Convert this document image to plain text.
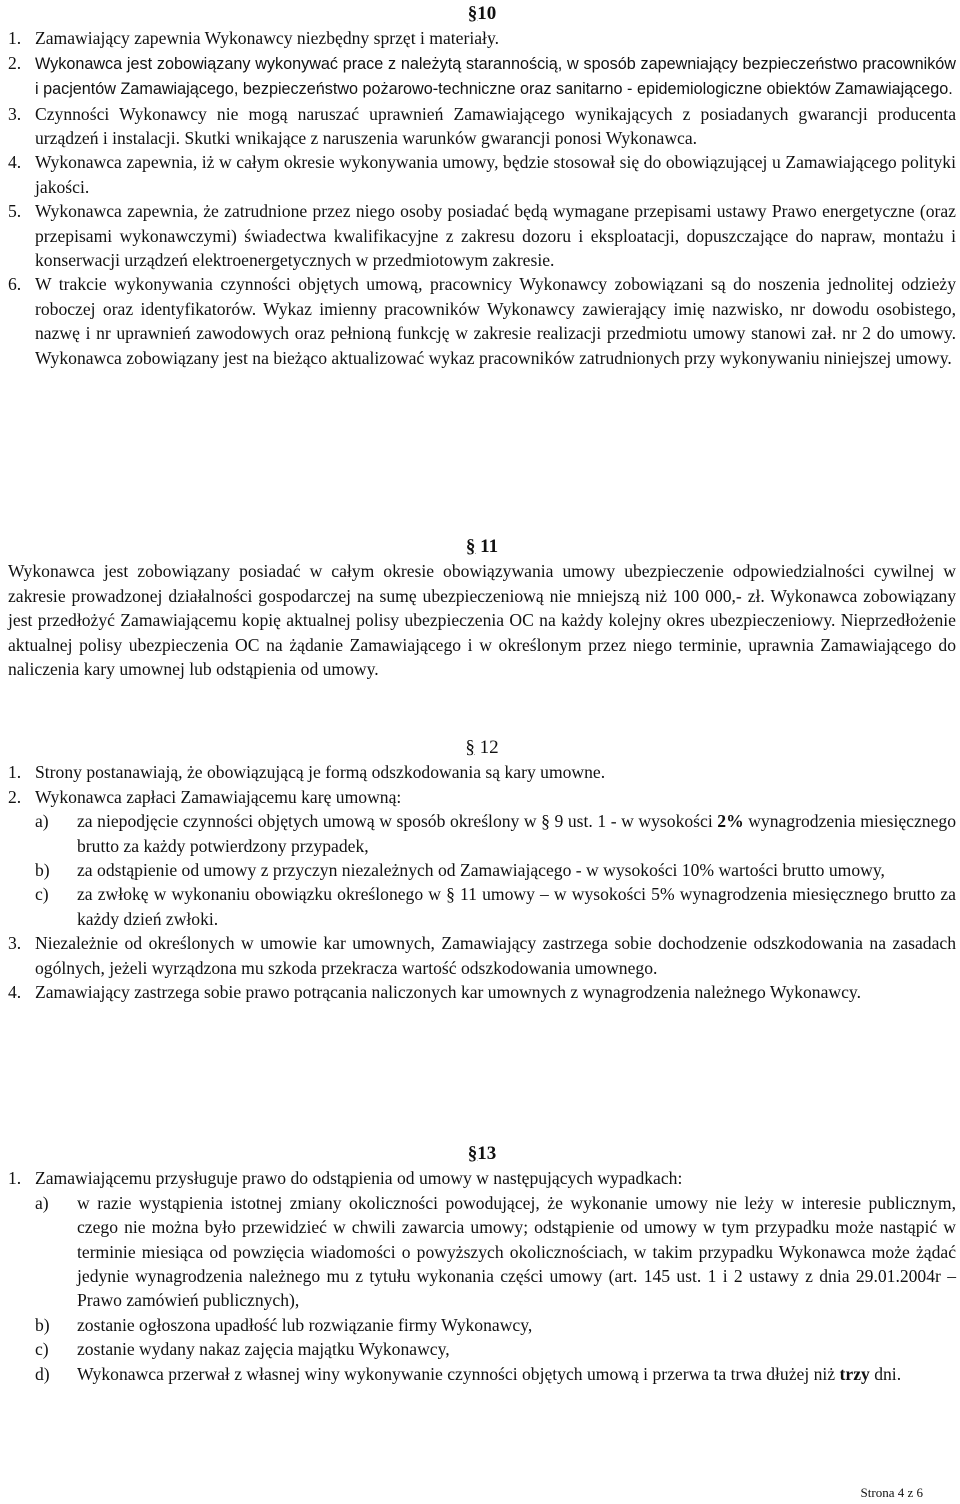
§10

1. Zamawiający zapewnia Wykonawcy niezbędny sprzęt i materiały.
2. Wykonawca jest zobowiązany wykonywać prace z należytą starannością, w sposób zapewniający bezpieczeństwo pracowników i pacjentów Zamawiającego, bezpieczeństwo pożarowo-techniczne oraz sanitarno - epidemiologiczne obiektów Zamawiającego.
3. Czynności Wykonawcy nie mogą naruszać uprawnień Zamawiającego wynikających z posiadanych gwarancji producenta urządzeń i instalacji. Skutki wnikające z naruszenia warunków gwarancji ponosi Wykonawca.
4. Wykonawca zapewnia, iż w całym okresie wykonywania umowy, będzie stosował się do obowiązującej u Zamawiającego polityki jakości.
5. Wykonawca zapewnia, że zatrudnione przez niego osoby posiadać będą wymagane przepisami ustawy Prawo energetyczne (oraz przepisami wykonawczymi) świadectwa kwalifikacyjne z zakresu dozoru i eksploatacji, dopuszczające do napraw, montażu i konserwacji urządzeń elektroenergetycznych w przedmiotowym zakresie.
6. W trakcie wykonywania czynności objętych umową, pracownicy Wykonawcy zobowiązani są do noszenia jednolitej odzieży roboczej oraz identyfikatorów. Wykaz imienny pracowników Wykonawcy zawierający imię nazwisko, nr dowodu osobistego, nazwę i nr uprawnień zawodowych oraz pełnioną funkcję w zakresie realizacji przedmiotu umowy stanowi zał. nr 2 do umowy. Wykonawca zobowiązany jest na bieżąco aktualizować wykaz pracowników zatrudnionych przy wykonywaniu niniejszej umowy.

§ 11

Wykonawca jest zobowiązany posiadać w całym okresie obowiązywania umowy ubezpieczenie odpowiedzialności cywilnej w zakresie prowadzonej działalności gospodarczej na sumę ubezpieczeniową nie mniejszą niż 100 000,- zł. Wykonawca zobowiązany jest przedłożyć Zamawiającemu kopię aktualnej polisy ubezpieczenia OC na każdy kolejny okres ubezpieczeniowy. Nieprzedłożenie aktualnej polisy ubezpieczenia OC na żądanie Zamawiającego i w określonym przez niego terminie, uprawnia Zamawiającego do naliczenia kary umownej lub odstąpienia od umowy.

§ 12

1. Strony postanawiają, że obowiązującą je formą odszkodowania są kary umowne.
2. Wykonawca zapłaci Zamawiającemu karę umowną:
a)	za niepodjęcie czynności objętych umową w sposób określony w § 9 ust. 1 - w wysokości 2% wynagrodzenia miesięcznego brutto za każdy potwierdzony przypadek,
b)	za odstąpienie od umowy z przyczyn niezależnych od Zamawiającego - w wysokości 10% wartości brutto umowy,
c)	za zwłokę w wykonaniu obowiązku określonego w § 11 umowy – w wysokości 5% wynagrodzenia miesięcznego brutto za każdy dzień zwłoki.
3. Niezależnie od określonych w umowie kar umownych, Zamawiający zastrzega sobie dochodzenie odszkodowania na zasadach ogólnych, jeżeli wyrządzona mu szkoda przekracza wartość odszkodowania umownego.
4. Zamawiający zastrzega sobie prawo potrącania naliczonych kar umownych z wynagrodzenia należnego Wykonawcy.

§13

1. Zamawiającemu przysługuje prawo do odstąpienia od umowy w następujących wypadkach:
a)	w razie wystąpienia istotnej zmiany okoliczności powodującej, że wykonanie umowy nie leży w interesie publicznym, czego nie można było przewidzieć w chwili zawarcia umowy; odstąpienie od umowy w tym przypadku może nastąpić w terminie miesiąca od powzięcia wiadomości o powyższych okolicznościach, w takim przypadku Wykonawca może żądać jedynie wynagrodzenia należnego mu z tytułu wykonania części umowy (art. 145 ust. 1 i 2 ustawy z dnia 29.01.2004r – Prawo zamówień publicznych),
b)	zostanie ogłoszona upadłość lub rozwiązanie firmy Wykonawcy,
c)	zostanie wydany nakaz zajęcia majątku Wykonawcy,
d)	Wykonawca przerwał z własnej winy wykonywanie czynności objętych umową i przerwa ta trwa dłużej niż trzy dni.
Strona 4 z 6
